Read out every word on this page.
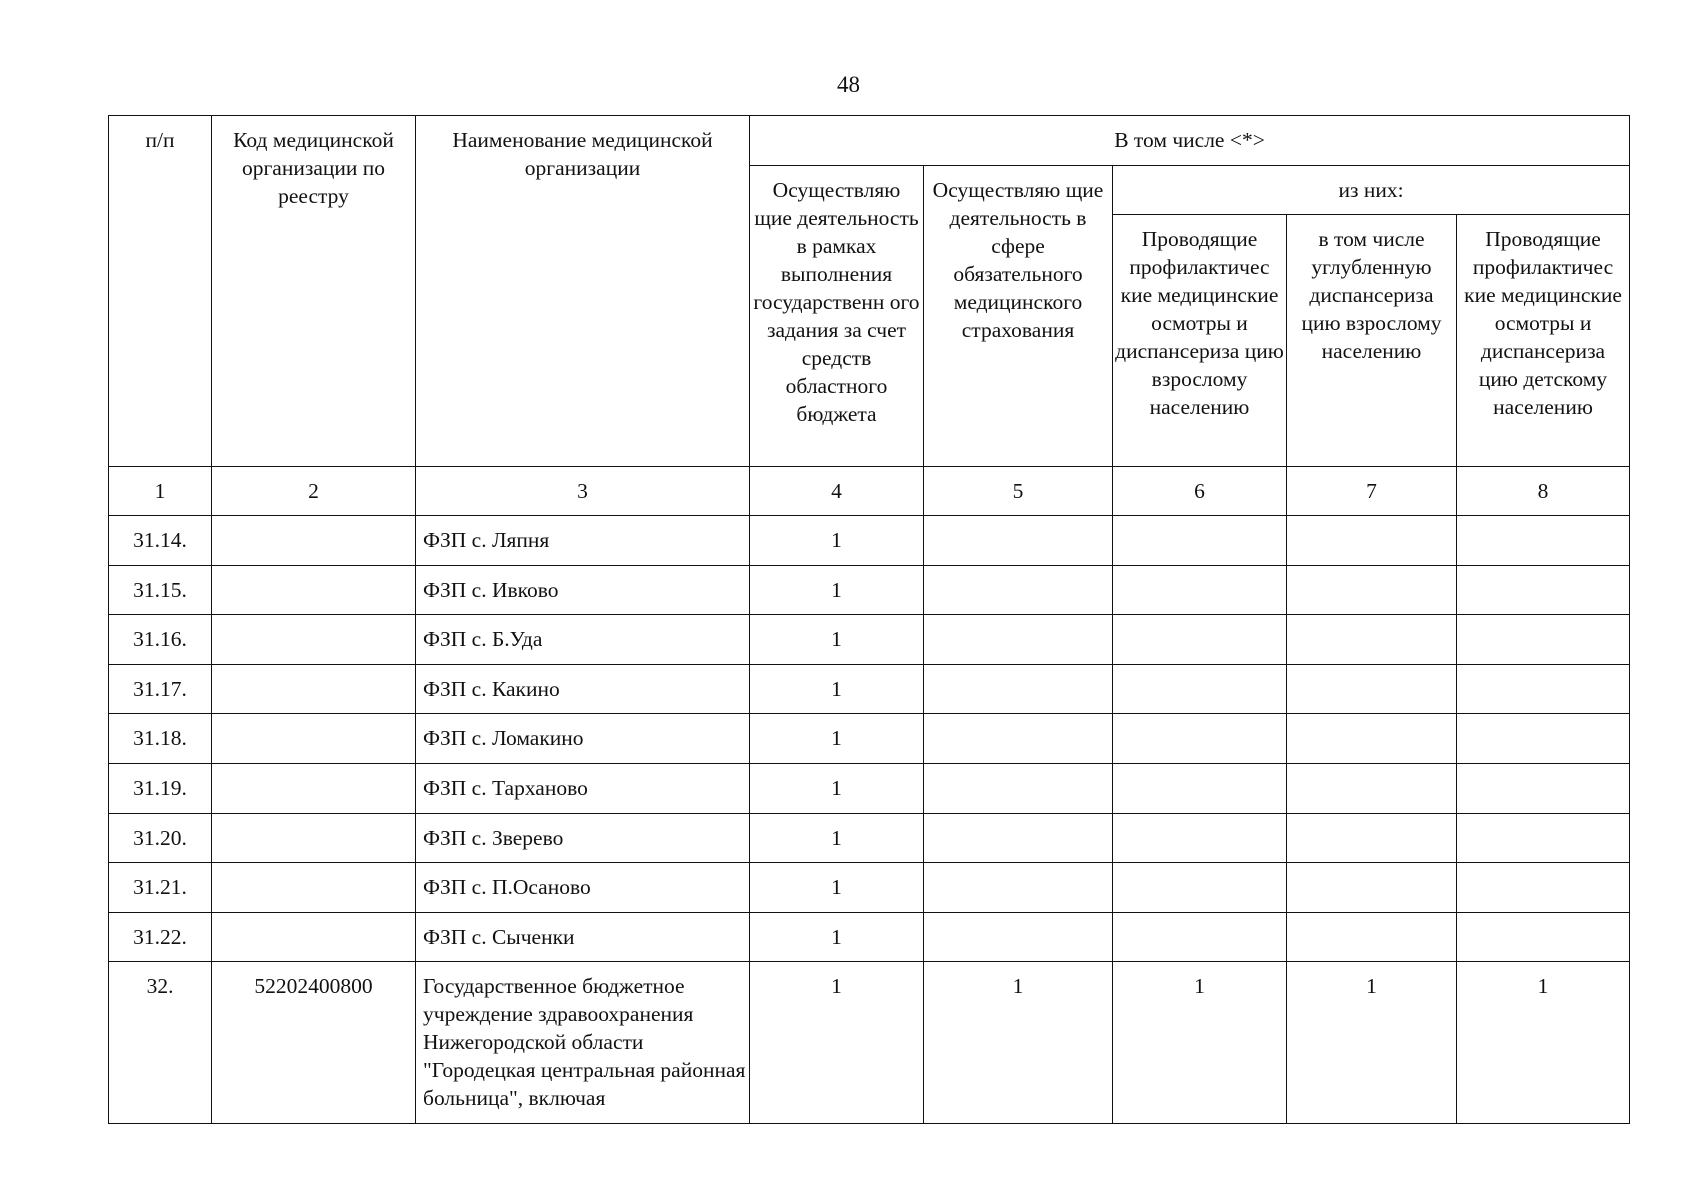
48
п/п	Код медицинской организации по реестру	Наименование медицинской организации	В том числе <*>				
			Осуществляю щие деятельность в рамках выполнения государственн ого задания за счет средств областного бюджета	Осуществляю щие деятельность в сфере обязательного медицинского страхования	из них:		
					Проводящие профилактичес кие медицинские осмотры и диспансериза цию взрослому населению	в том числе углубленную диспансериза цию взрослому населению	Проводящие профилактичес кие медицинские осмотры и диспансериза цию детскому населению
1	2	3	4	5	6	7	8
31.14.		ФЗП с. Ляпня	1				
31.15.		ФЗП с. Ивково	1				
31.16.		ФЗП с. Б.Уда	1				
31.17.		ФЗП с. Какино	1				
31.18.		ФЗП с. Ломакино	1				
31.19.		ФЗП с. Тарханово	1				
31.20.		ФЗП с. Зверево	1				
31.21.		ФЗП с. П.Осаново	1				
31.22.		ФЗП с. Сыченки	1				
32.	52202400800	Государственное бюджетное учреждение здравоохранения Нижегородской области "Городецкая центральная районная больница", включая	1	1	1	1	1
